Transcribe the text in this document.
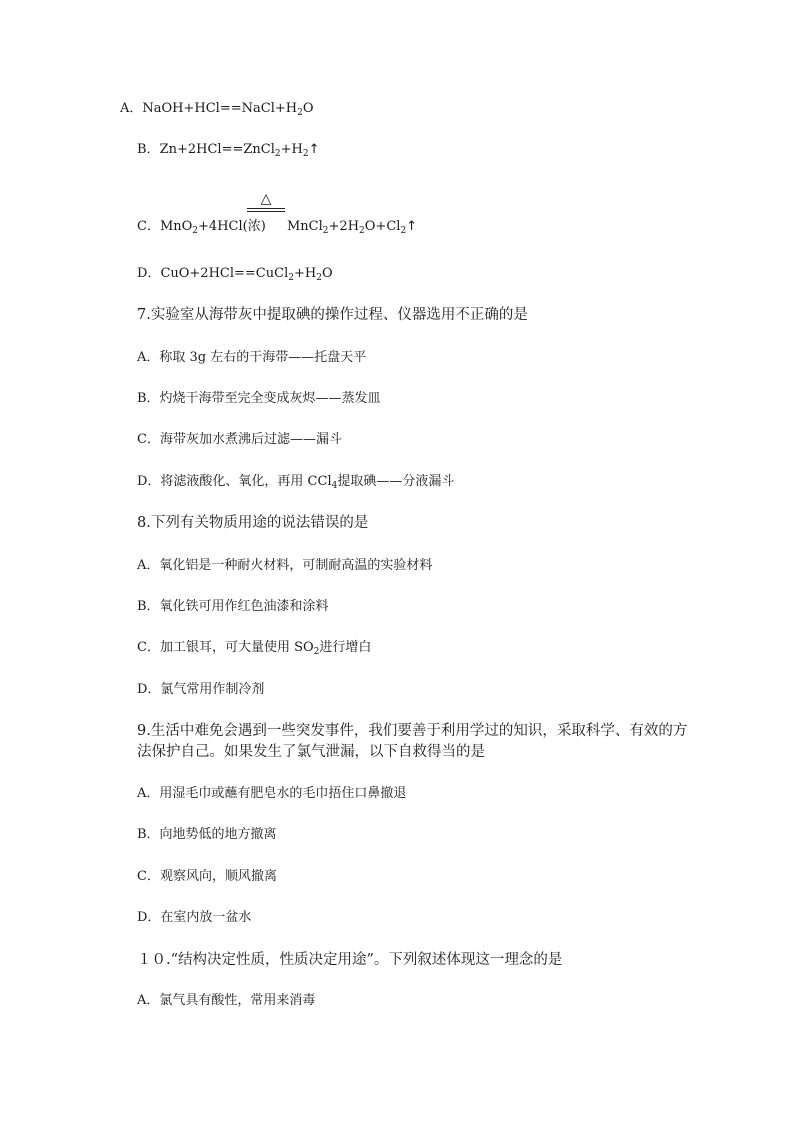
A．$NaOH+HCl==NaCl+H_2O$
B．$Zn+2HCl==ZnCl_2+H_2↑$
△
C．MnO$_2$+4HCl(浓) $MnCl_2+2H_2O+Cl_2↑$
D．$CuO+2HCl==CuCl_2+H_2O$
7.实验室从海带灰中提取碘的操作过程、仪器选用不正确的是
A．称取 3g 左右的干海带——托盘天平
B．灼烧干海带至完全变成灰烬——蒸发皿
C．海带灰加水煮沸后过滤——漏斗
D．将滤液酸化、氧化，再用 CCl$_4$提取碘——分液漏斗
8.下列有关物质用途的说法错误的是
A．氧化铝是一种耐火材料，可制耐高温的实验材料
B．氧化铁可用作红色油漆和涂料
C．加工银耳，可大量使用 $SO_2$进行增白
D．氯气常用作制冷剂
9.生活中难免会遇到一些突发事件，我们要善于利用学过的知识，采取科学、有效的方
法保护自己。如果发生了氯气泄漏，以下自救得当的是
A．用湿毛巾或蘸有肥皂水的毛巾捂住口鼻撤退
B．向地势低的地方撤离
C．观察风向，顺风撤离
D．在室内放一盆水
１０.“结构决定性质，性质决定用途”。下列叙述体现这一理念的是
A．氯气具有酸性，常用来消毒
